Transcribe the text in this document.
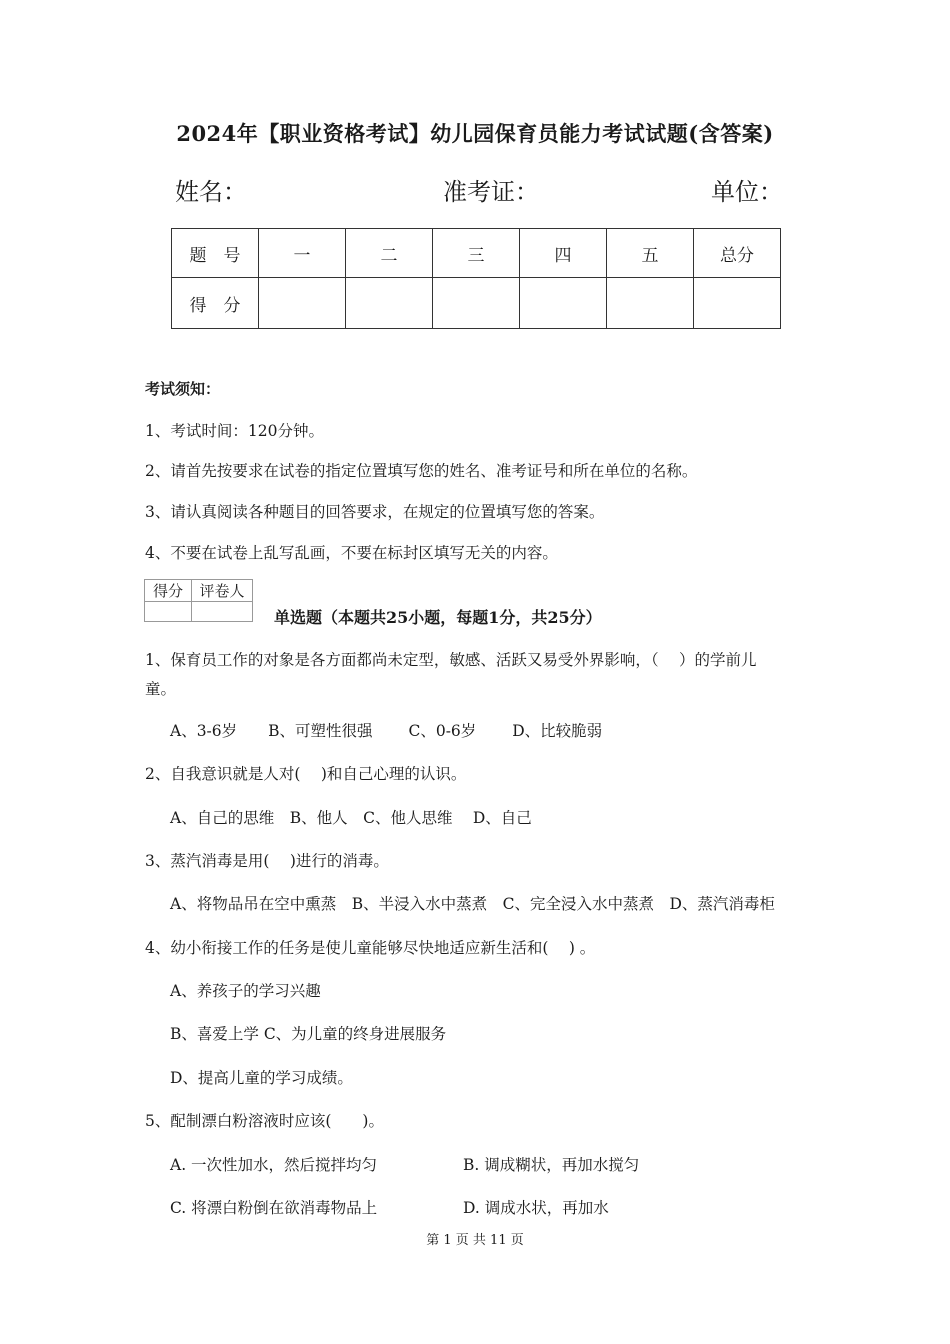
2024年【职业资格考试】幼儿园保育员能力考试试题(含答案)
姓名：	准考证：	单位：
题　号	一	二	三	四	五	总分
得　分						
考试须知：
1、考试时间：120分钟。
2、请首先按要求在试卷的指定位置填写您的姓名、准考证号和所在单位的名称。
3、请认真阅读各种题目的回答要求，在规定的位置填写您的答案。
4、不要在试卷上乱写乱画，不要在标封区填写无关的内容。
得分	评卷人

单选题（本题共25小题，每题1分，共25分）
1、保育员工作的对象是各方面都尚未定型，敏感、活跃又易受外界影响，（　 ）的学前儿
童。
A、3-6岁　　B、可塑性很强　　 C、0-6岁　　 D、比较脆弱
2、自我意识就是人对(　 )和自己心理的认识。
A、自己的思维　B、他人　C、他人思维　 D、自己
3、蒸汽消毒是用(　 )进行的消毒。
A、将物品吊在空中熏蒸　B、半浸入水中蒸煮　C、完全浸入水中蒸煮　D、蒸汽消毒柜
4、幼小衔接工作的任务是使儿童能够尽快地适应新生活和(　 ) 。
A、养孩子的学习兴趣
B、喜爱上学 C、为儿童的终身进展服务
D、提高儿童的学习成绩。
5、配制漂白粉溶液时应该(　　)。
A. 一次性加水，然后搅拌均匀	B. 调成糊状，再加水搅匀
C. 将漂白粉倒在欲消毒物品上	D. 调成水状，再加水
第 1 页 共 11 页
